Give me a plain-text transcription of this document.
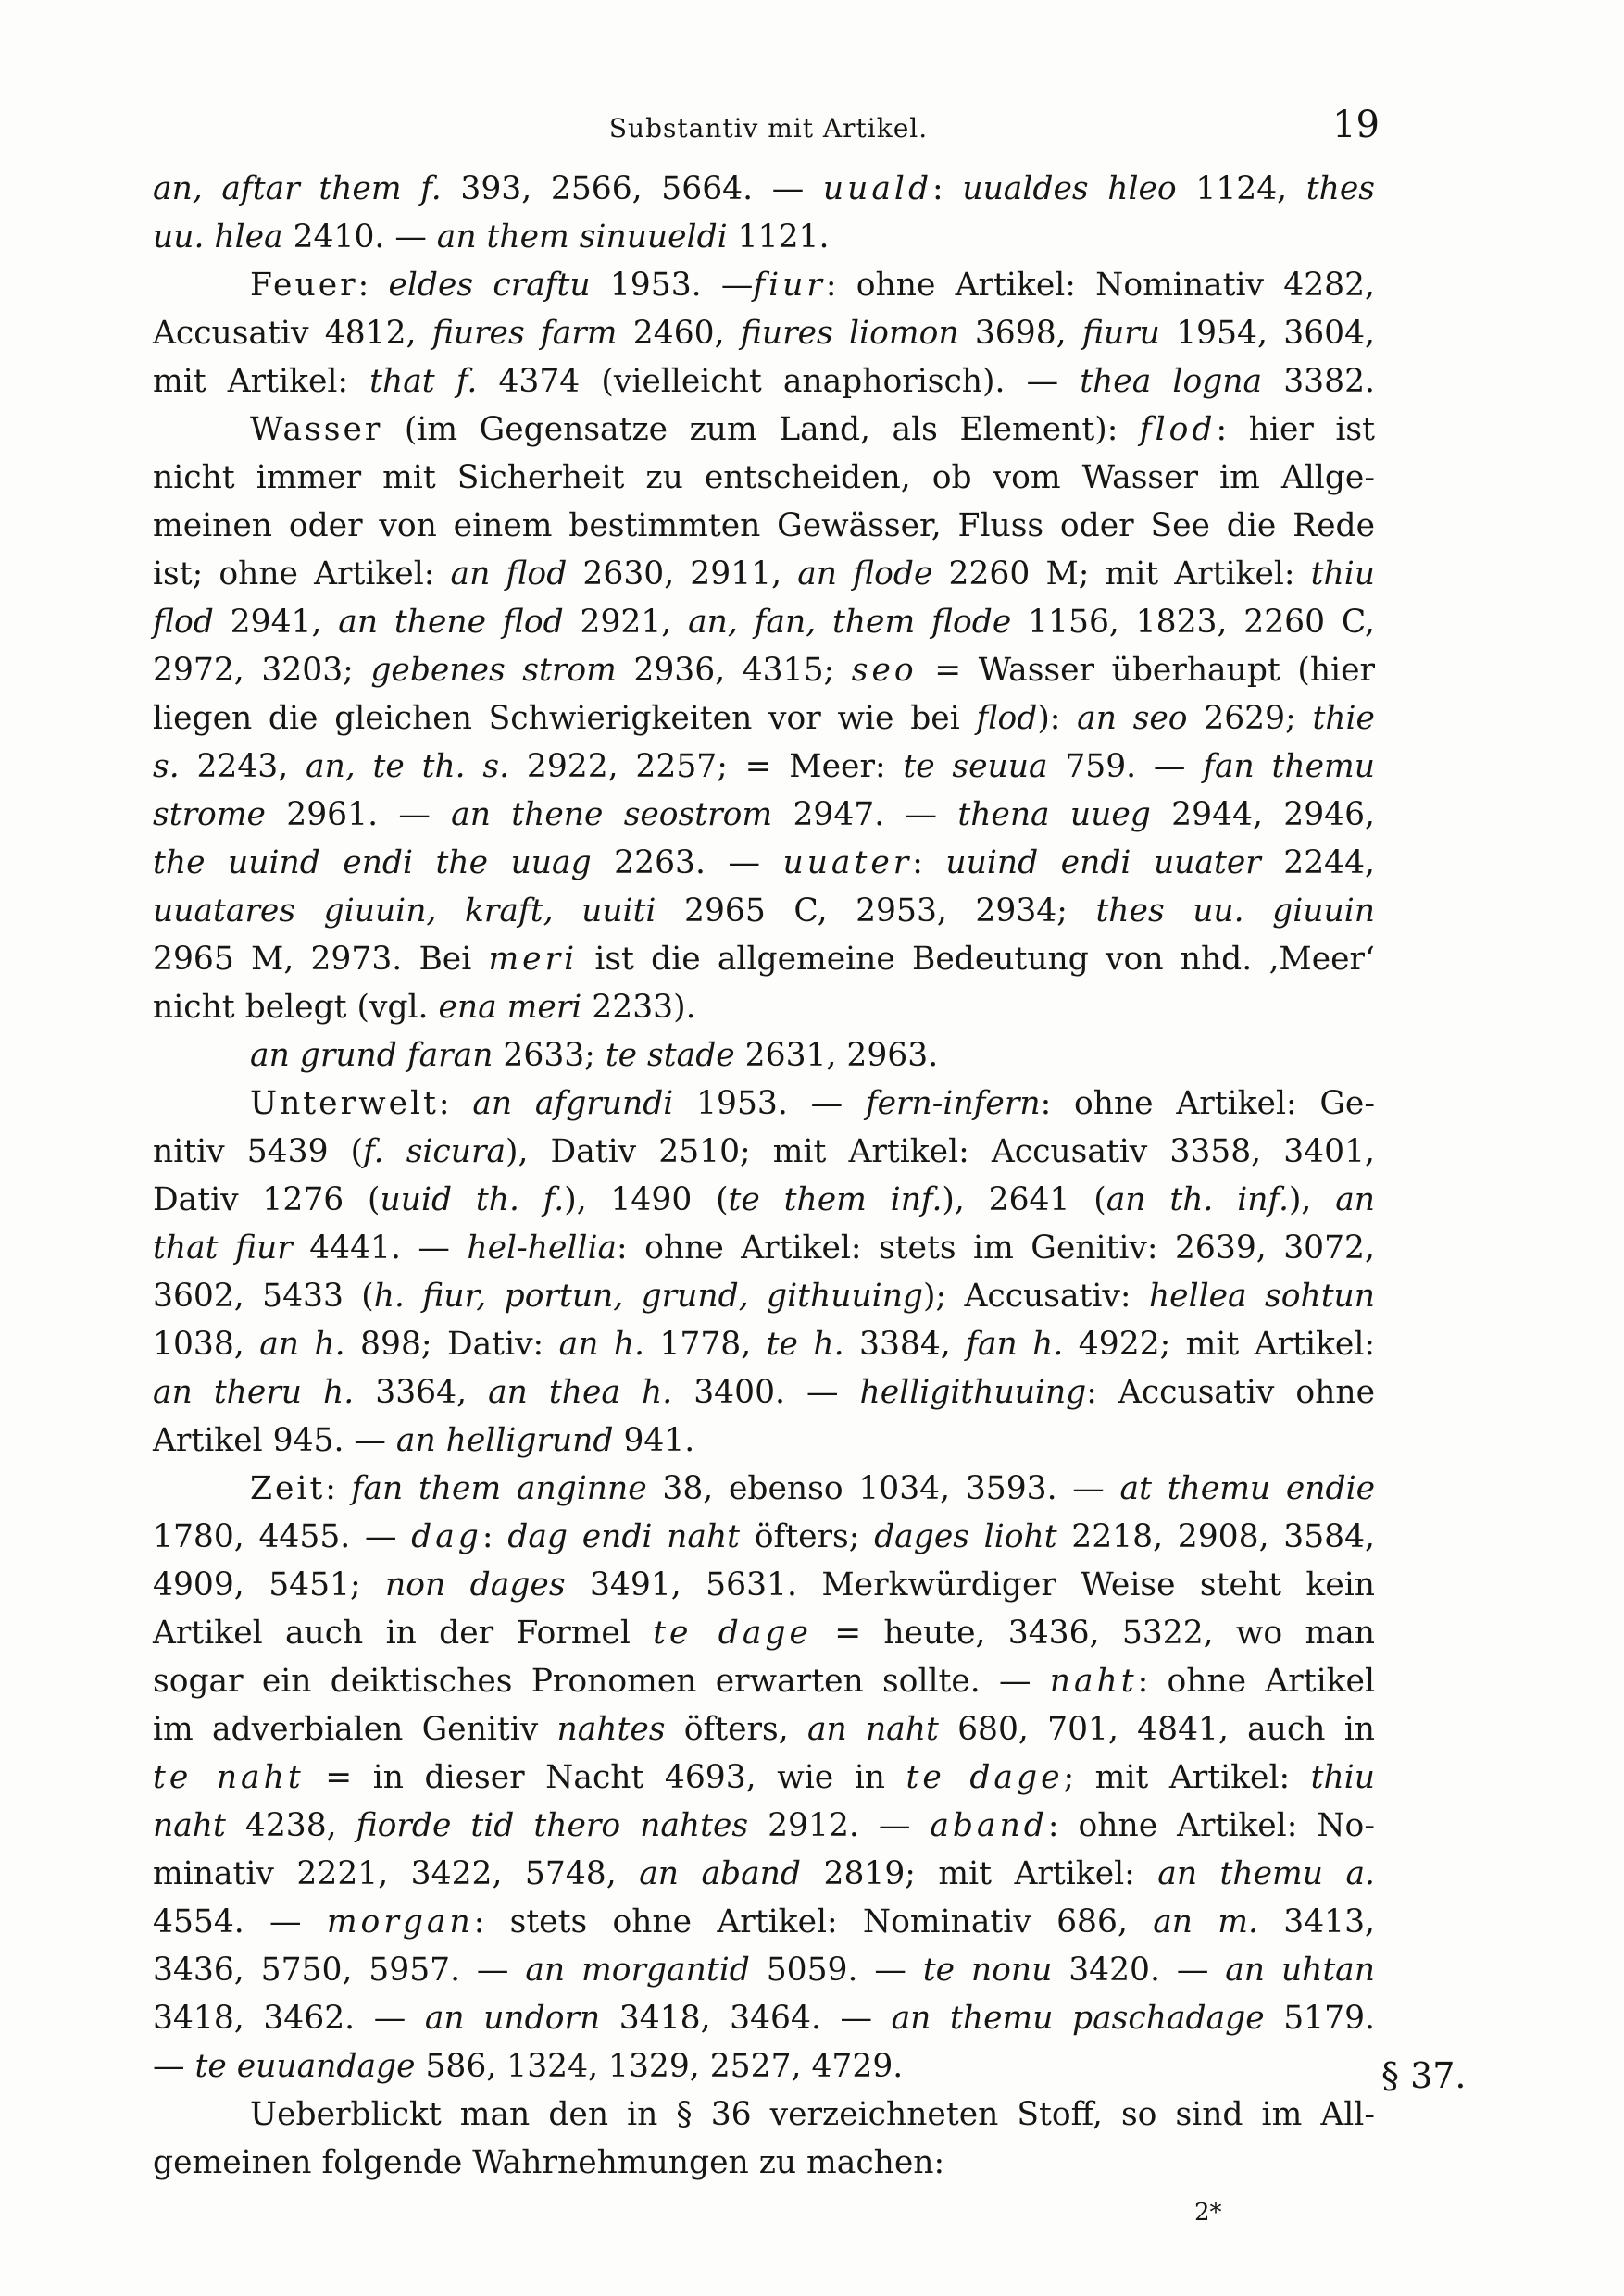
Substantiv mit Artikel.	19
an, aftar them f. 393, 2566, 5664. — uuald: uualdes hleo 1124, thes
uu. hlea 2410. — an them sinuueldi 1121.
Feuer: eldes craftu 1953. —fiur: ohne Artikel: Nominativ 4282,
Accusativ 4812, fiures farm 2460, fiures liomon 3698, fiuru 1954, 3604,
mit Artikel: that f. 4374 (vielleicht anaphorisch). — thea logna 3382.
Wasser (im Gegensatze zum Land, als Element): flod: hier ist
nicht immer mit Sicherheit zu entscheiden, ob vom Wasser im Allge-
meinen oder von einem bestimmten Gewässer, Fluss oder See die Rede
ist; ohne Artikel: an flod 2630, 2911, an flode 2260 M; mit Artikel: thiu
flod 2941, an thene flod 2921, an, fan, them flode 1156, 1823, 2260 C,
2972, 3203; gebenes strom 2936, 4315; seo = Wasser überhaupt (hier
liegen die gleichen Schwierigkeiten vor wie bei flod): an seo 2629; thie
s. 2243, an, te th. s. 2922, 2257; = Meer: te seuua 759. — fan themu
strome 2961. — an thene seostrom 2947. — thena uueg 2944, 2946,
the uuind endi the uuag 2263. — uuater: uuind endi uuater 2244,
uuatares giuuin, kraft, uuiti 2965 C, 2953, 2934; thes uu. giuuin
2965 M, 2973. Bei meri ist die allgemeine Bedeutung von nhd. ‚Meer‘
nicht belegt (vgl. ena meri 2233).
an grund faran 2633; te stade 2631, 2963.
Unterwelt: an afgrundi 1953. — fern-infern: ohne Artikel: Ge-
nitiv 5439 (f. sicura), Dativ 2510; mit Artikel: Accusativ 3358, 3401,
Dativ 1276 (uuid th. f.), 1490 (te them inf.), 2641 (an th. inf.), an
that fiur 4441. — hel-hellia: ohne Artikel: stets im Genitiv: 2639, 3072,
3602, 5433 (h. fiur, portun, grund, githuuing); Accusativ: hellea sohtun
1038, an h. 898; Dativ: an h. 1778, te h. 3384, fan h. 4922; mit Artikel:
an theru h. 3364, an thea h. 3400. — helligithuuing: Accusativ ohne
Artikel 945. — an helligrund 941.
Zeit: fan them anginne 38, ebenso 1034, 3593. — at themu endie
1780, 4455. — dag: dag endi naht öfters; dages lioht 2218, 2908, 3584,
4909, 5451; non dages 3491, 5631. Merkwürdiger Weise steht kein
Artikel auch in der Formel te dage = heute, 3436, 5322, wo man
sogar ein deiktisches Pronomen erwarten sollte. — naht: ohne Artikel
im adverbialen Genitiv nahtes öfters, an naht 680, 701, 4841, auch in
te naht = in dieser Nacht 4693, wie in te dage; mit Artikel: thiu
naht 4238, fiorde tid thero nahtes 2912. — aband: ohne Artikel: No-
minativ 2221, 3422, 5748, an aband 2819; mit Artikel: an themu a.
4554. — morgan: stets ohne Artikel: Nominativ 686, an m. 3413,
3436, 5750, 5957. — an morgantid 5059. — te nonu 3420. — an uhtan
3418, 3462. — an undorn 3418, 3464. — an themu paschadage 5179.
— te euuandage 586, 1324, 1329, 2527, 4729.
Ueberblickt man den in § 36 verzeichneten Stoff, so sind im All-
gemeinen folgende Wahrnehmungen zu machen:
§ 37.
2*
